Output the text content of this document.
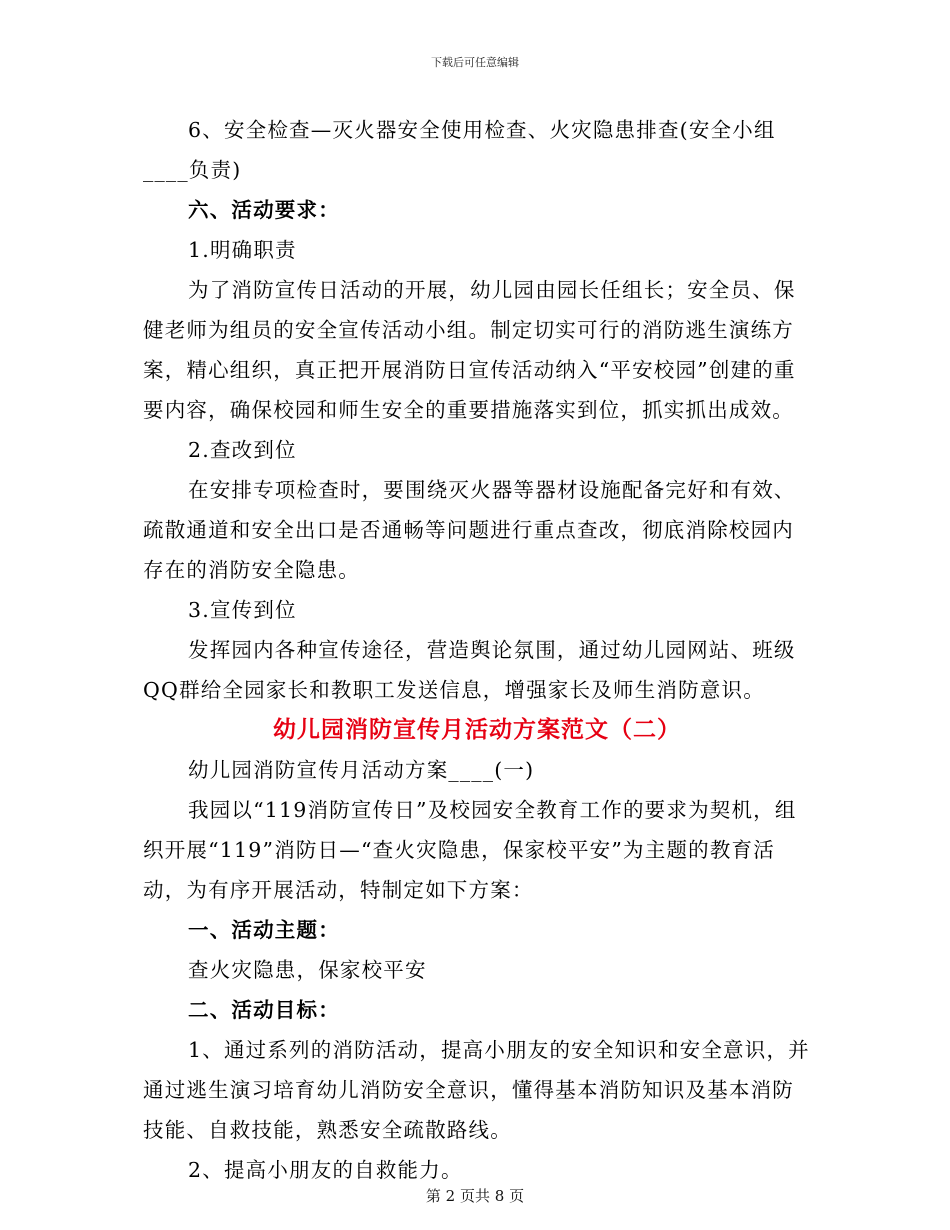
下载后可任意编辑

6、安全检查—灭火器安全使用检查、火灾隐患排查(安全小组____负责)

六、活动要求：

1.明确职责

为了消防宣传日活动的开展，幼儿园由园长任组长；安全员、保健老师为组员的安全宣传活动小组。制定切实可行的消防逃生演练方案，精心组织，真正把开展消防日宣传活动纳入“平安校园”创建的重要内容，确保校园和师生安全的重要措施落实到位，抓实抓出成效。

2.查改到位

在安排专项检查时，要围绕灭火器等器材设施配备完好和有效、疏散通道和安全出口是否通畅等问题进行重点查改，彻底消除校园内存在的消防安全隐患。

3.宣传到位

发挥园内各种宣传途径，营造舆论氛围，通过幼儿园网站、班级QQ群给全园家长和教职工发送信息，增强家长及师生消防意识。

幼儿园消防宣传月活动方案范文（二）

幼儿园消防宣传月活动方案____(一)

我园以“119消防宣传日”及校园安全教育工作的要求为契机，组织开展“119”消防日—“查火灾隐患，保家校平安”为主题的教育活动，为有序开展活动，特制定如下方案：

一、活动主题：

查火灾隐患，保家校平安

二、活动目标：

1、通过系列的消防活动，提高小朋友的安全知识和安全意识，并通过逃生演习培育幼儿消防安全意识，懂得基本消防知识及基本消防技能、自救技能，熟悉安全疏散路线。

2、提高小朋友的自救能力。

第 2 页共 8 页
